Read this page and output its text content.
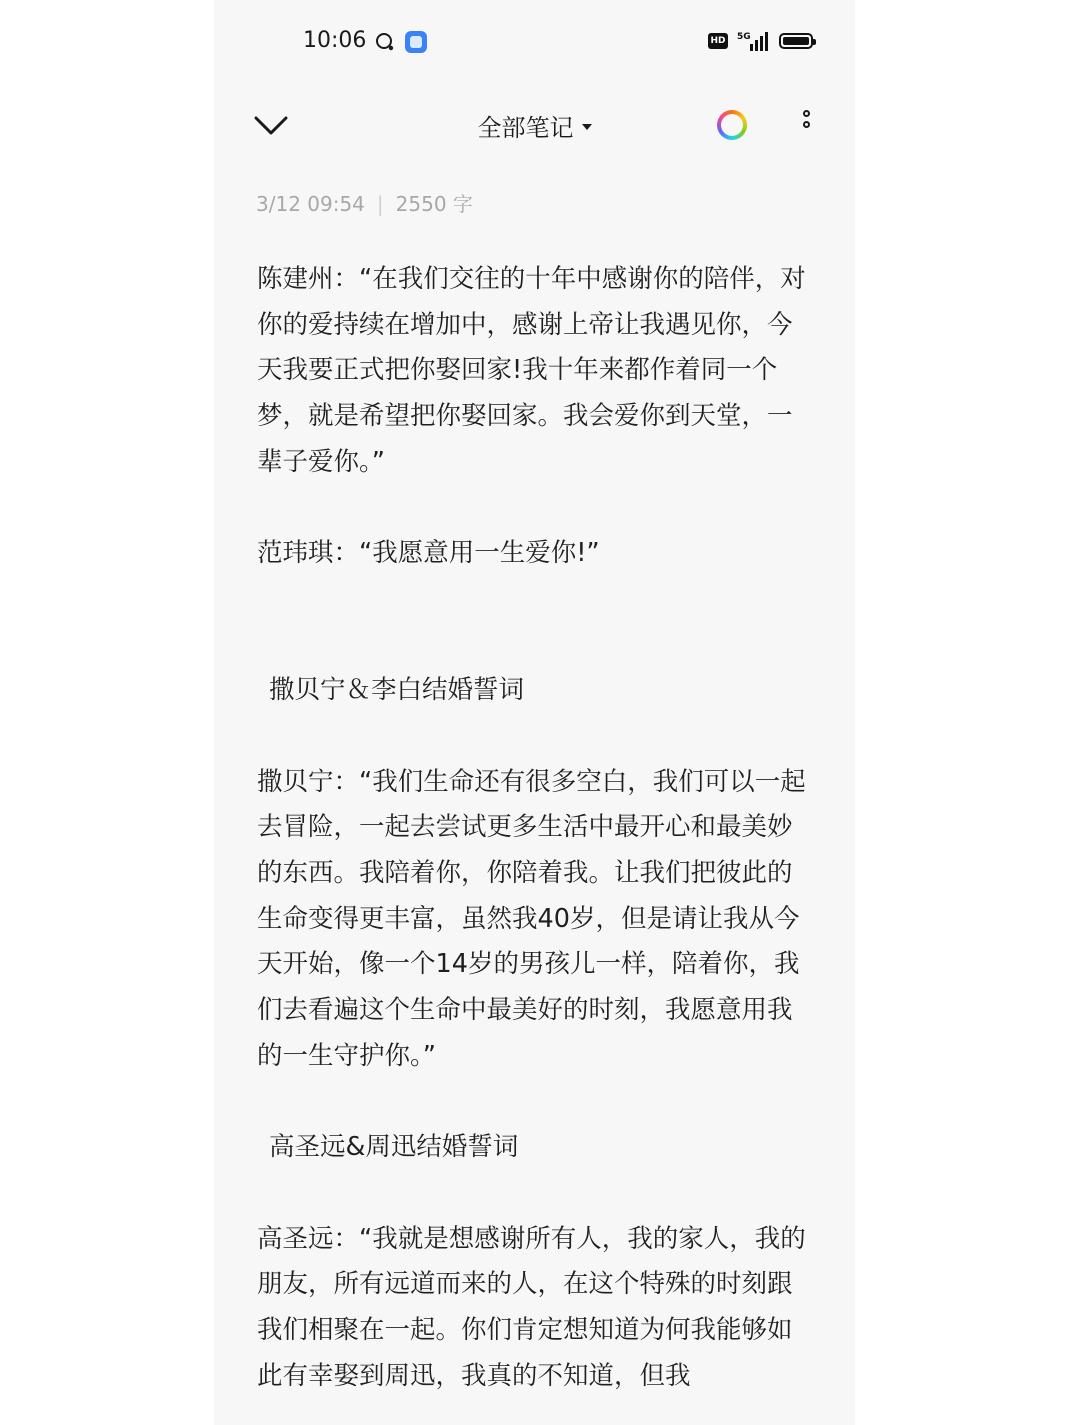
10:06	HD 5G
全部笔记
3/12 09:54 | 2550 字

陈建州：“在我们交往的十年中感谢你的陪伴，对你的爱持续在增加中，感谢上帝让我遇见你，今天我要正式把你娶回家!我十年来都作着同一个梦，就是希望把你娶回家。我会爱你到天堂，一辈子爱你。”

范玮琪：“我愿意用一生爱你!”

撒贝宁＆李白结婚誓词

撒贝宁：“我们生命还有很多空白，我们可以一起去冒险，一起去尝试更多生活中最开心和最美妙的东西。我陪着你，你陪着我。让我们把彼此的生命变得更丰富，虽然我40岁，但是请让我从今天开始，像一个14岁的男孩儿一样，陪着你，我们去看遍这个生命中最美好的时刻，我愿意用我的一生守护你。”

高圣远&周迅结婚誓词

高圣远：“我就是想感谢所有人，我的家人，我的朋友，所有远道而来的人，在这个特殊的时刻跟我们相聚在一起。你们肯定想知道为何我能够如此有幸娶到周迅，我真的不知道，但我
